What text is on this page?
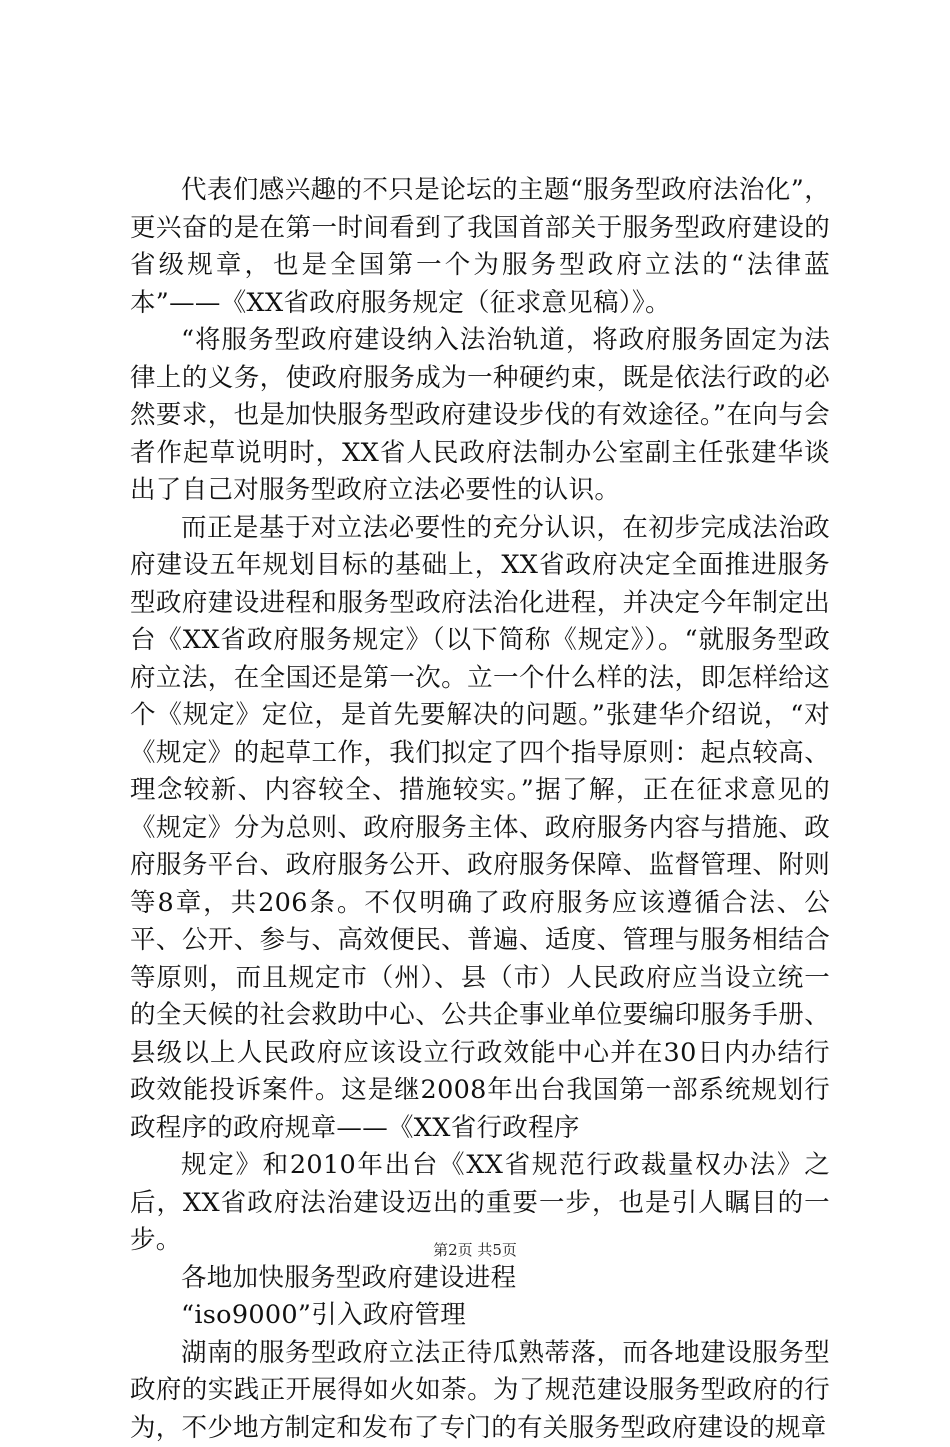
代表们感兴趣的不只是论坛的主题“服务型政府法治化”，更兴奋的是在第一时间看到了我国首部关于服务型政府建设的省级规章，也是全国第一个为服务型政府立法的“法律蓝本”——《XX省政府服务规定（征求意见稿）》。

“将服务型政府建设纳入法治轨道，将政府服务固定为法律上的义务，使政府服务成为一种硬约束，既是依法行政的必然要求，也是加快服务型政府建设步伐的有效途径。”在向与会者作起草说明时，XX省人民政府法制办公室副主任张建华谈出了自己对服务型政府立法必要性的认识。

而正是基于对立法必要性的充分认识，在初步完成法治政府建设五年规划目标的基础上，XX省政府决定全面推进服务型政府建设进程和服务型政府法治化进程，并决定今年制定出台《XX省政府服务规定》（以下简称《规定》）。“就服务型政府立法，在全国还是第一次。立一个什么样的法，即怎样给这个《规定》定位，是首先要解决的问题。”张建华介绍说，“对《规定》的起草工作，我们拟定了四个指导原则：起点较高、理念较新、内容较全、措施较实。”据了解，正在征求意见的《规定》分为总则、政府服务主体、政府服务内容与措施、政府服务平台、政府服务公开、政府服务保障、监督管理、附则等8章，共206条。不仅明确了政府服务应该遵循合法、公平、公开、参与、高效便民、普遍、适度、管理与服务相结合等原则，而且规定市（州）、县（市）人民政府应当设立统一的全天候的社会救助中心、公共企事业单位要编印服务手册、县级以上人民政府应该设立行政效能中心并在30日内办结行政效能投诉案件。这是继2008年出台我国第一部系统规划行政程序的政府规章——《XX省行政程序

规定》和2010年出台《XX省规范行政裁量权办法》之后，XX省政府法治建设迈出的重要一步，也是引人瞩目的一步。

各地加快服务型政府建设进程

“iso9000”引入政府管理

湖南的服务型政府立法正待瓜熟蒂落，而各地建设服务型政府的实践正开展得如火如荼。为了规范建设服务型政府的行为，不少地方制定和发布了专门的有关服务型政府建设的规章

第2页 共5页
